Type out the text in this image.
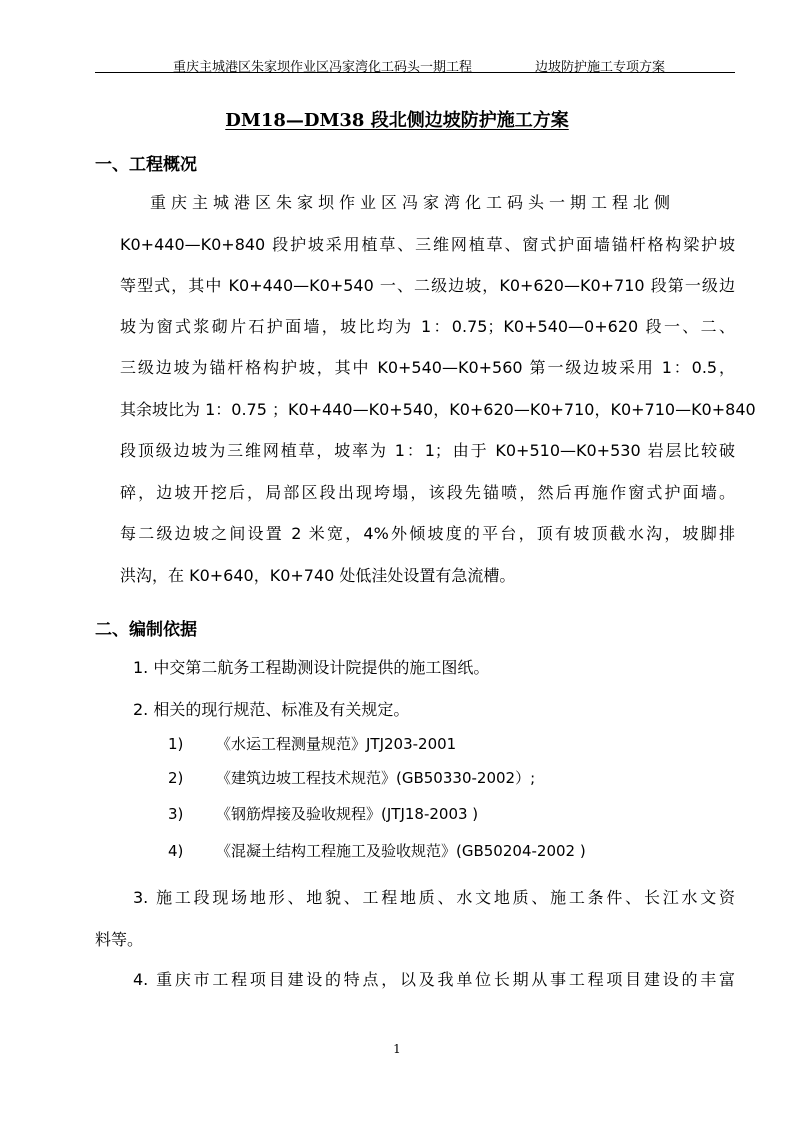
重庆主城港区朱家坝作业区冯家湾化工码头一期工程	边坡防护施工专项方案
DM18—DM38 段北侧边坡防护施工方案
一、工程概况
重庆主城港区朱家坝作业区冯家湾化工码头一期工程北侧
K0+440—K0+840 段护坡采用植草、三维网植草、窗式护面墙锚杆格构梁护坡
等型式，其中 K0+440—K0+540 一、二级边坡，K0+620—K0+710 段第一级边
坡为窗式浆砌片石护面墙，坡比均为 1：0.75；K0+540—0+620 段一、二、
三级边坡为锚杆格构护坡，其中 K0+540—K0+560 第一级边坡采用 1：0.5，
其余坡比为 1：0.75 ；K0+440—K0+540，K0+620—K0+710，K0+710—K0+840
段顶级边坡为三维网植草，坡率为 1：1；由于 K0+510—K0+530 岩层比较破
碎，边坡开挖后，局部区段出现垮塌，该段先锚喷，然后再施作窗式护面墙。
每二级边坡之间设置 2 米宽，4%外倾坡度的平台，顶有坡顶截水沟，坡脚排
洪沟，在 K0+640，K0+740 处低洼处设置有急流槽。
二、编制依据
1. 中交第二航务工程勘测设计院提供的施工图纸。
2. 相关的现行规范、标准及有关规定。
1) 《水运工程测量规范》JTJ203-2001
2) 《建筑边坡工程技术规范》(GB50330-2002）;
3) 《钢筋焊接及验收规程》(JTJ18-2003 )
4) 《混凝土结构工程施工及验收规范》(GB50204-2002 )
3. 施工段现场地形、地貌、工程地质、水文地质、施工条件、长江水文资
料等。
4. 重庆市工程项目建设的特点，以及我单位长期从事工程项目建设的丰富
1
